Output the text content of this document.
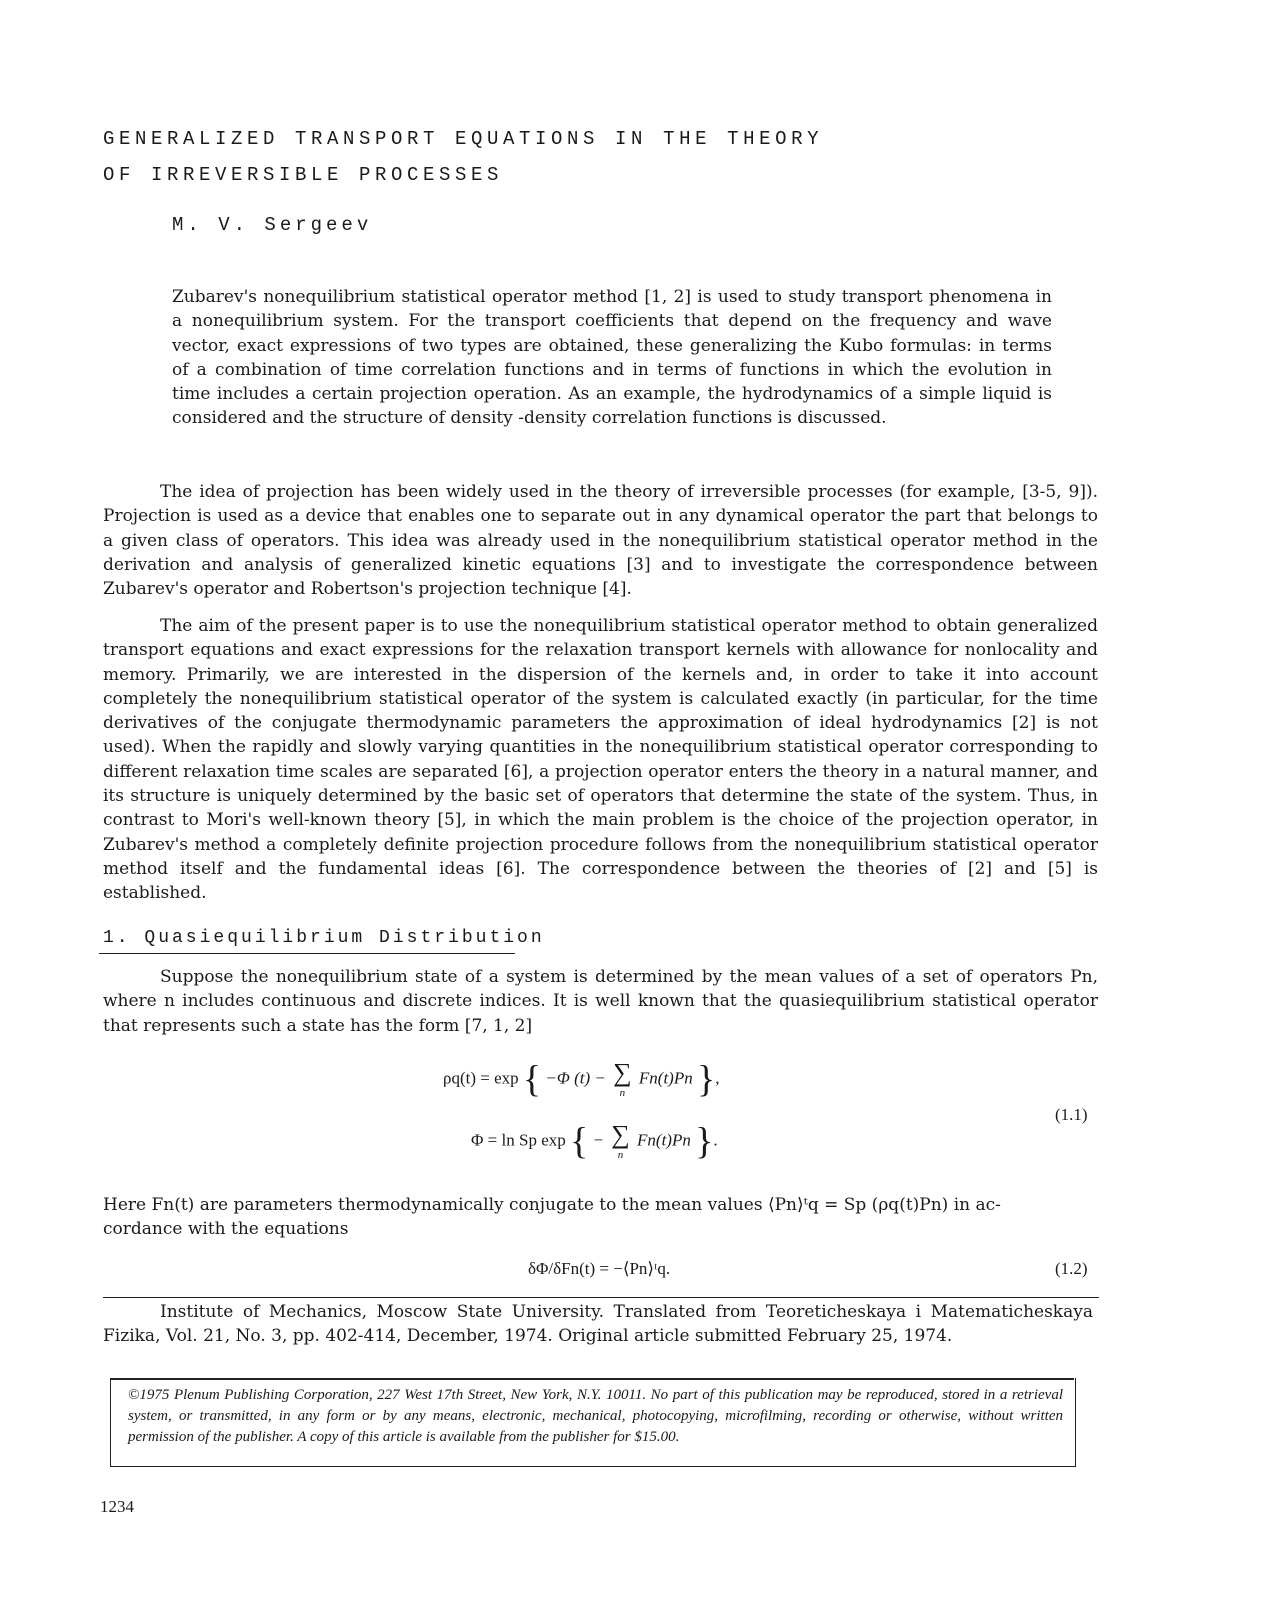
GENERALIZED TRANSPORT EQUATIONS IN THE THEORY
OF IRREVERSIBLE PROCESSES
M. V. Sergeev
Zubarev's nonequilibrium statistical operator method [1, 2] is used to study transport phenomena in a nonequilibrium system. For the transport coefficients that depend on the frequency and wave vector, exact expressions of two types are obtained, these generalizing the Kubo formulas: in terms of a combination of time correlation functions and in terms of functions in which the evolution in time includes a certain projection operation. As an example, the hydrodynamics of a simple liquid is considered and the structure of density -density correlation functions is discussed.
The idea of projection has been widely used in the theory of irreversible processes (for example, [3-5, 9]). Projection is used as a device that enables one to separate out in any dynamical operator the part that belongs to a given class of operators. This idea was already used in the nonequilibrium statistical operator method in the derivation and analysis of generalized kinetic equations [3] and to investigate the correspondence between Zubarev's operator and Robertson's projection technique [4].
The aim of the present paper is to use the nonequilibrium statistical operator method to obtain generalized transport equations and exact expressions for the relaxation transport kernels with allowance for nonlocality and memory. Primarily, we are interested in the dispersion of the kernels and, in order to take it into account completely the nonequilibrium statistical operator of the system is calculated exactly (in particular, for the time derivatives of the conjugate thermodynamic parameters the approximation of ideal hydrodynamics [2] is not used). When the rapidly and slowly varying quantities in the nonequilibrium statistical operator corresponding to different relaxation time scales are separated [6], a projection operator enters the theory in a natural manner, and its structure is uniquely determined by the basic set of operators that determine the state of the system. Thus, in contrast to Mori's well-known theory [5], in which the main problem is the choice of the projection operator, in Zubarev's method a completely definite projection procedure follows from the nonequilibrium statistical operator method itself and the fundamental ideas [6]. The correspondence between the theories of [2] and [5] is established.
1. Quasiequilibrium Distribution
Suppose the nonequilibrium state of a system is determined by the mean values of a set of operators Pn, where n includes continuous and discrete indices. It is well known that the quasiequilibrium statistical operator that represents such a state has the form [7, 1, 2]
ρq(t) = exp { −Φ (t) − ∑
n
Fn(t)Pn },
Φ = ln Sp exp { − ∑
n
Fn(t)Pn }.
(1.1)
Here Fn(t) are parameters thermodynamically conjugate to the mean values ⟨Pn⟩ᵗq = Sp (ρq(t)Pn) in ac-
cordance with the equations
δΦ/δFn(t) = −⟨Pn⟩ᵗq.	(1.2)
Institute of Mechanics, Moscow State University. Translated from Teoreticheskaya i Matematicheskaya Fizika, Vol. 21, No. 3, pp. 402-414, December, 1974. Original article submitted February 25, 1974.
©1975 Plenum Publishing Corporation, 227 West 17th Street, New York, N.Y. 10011. No part of this publication may be reproduced, stored in a retrieval system, or transmitted, in any form or by any means, electronic, mechanical, photocopying, microfilming, recording or otherwise, without written permission of the publisher. A copy of this article is available from the publisher for $15.00.
1234
